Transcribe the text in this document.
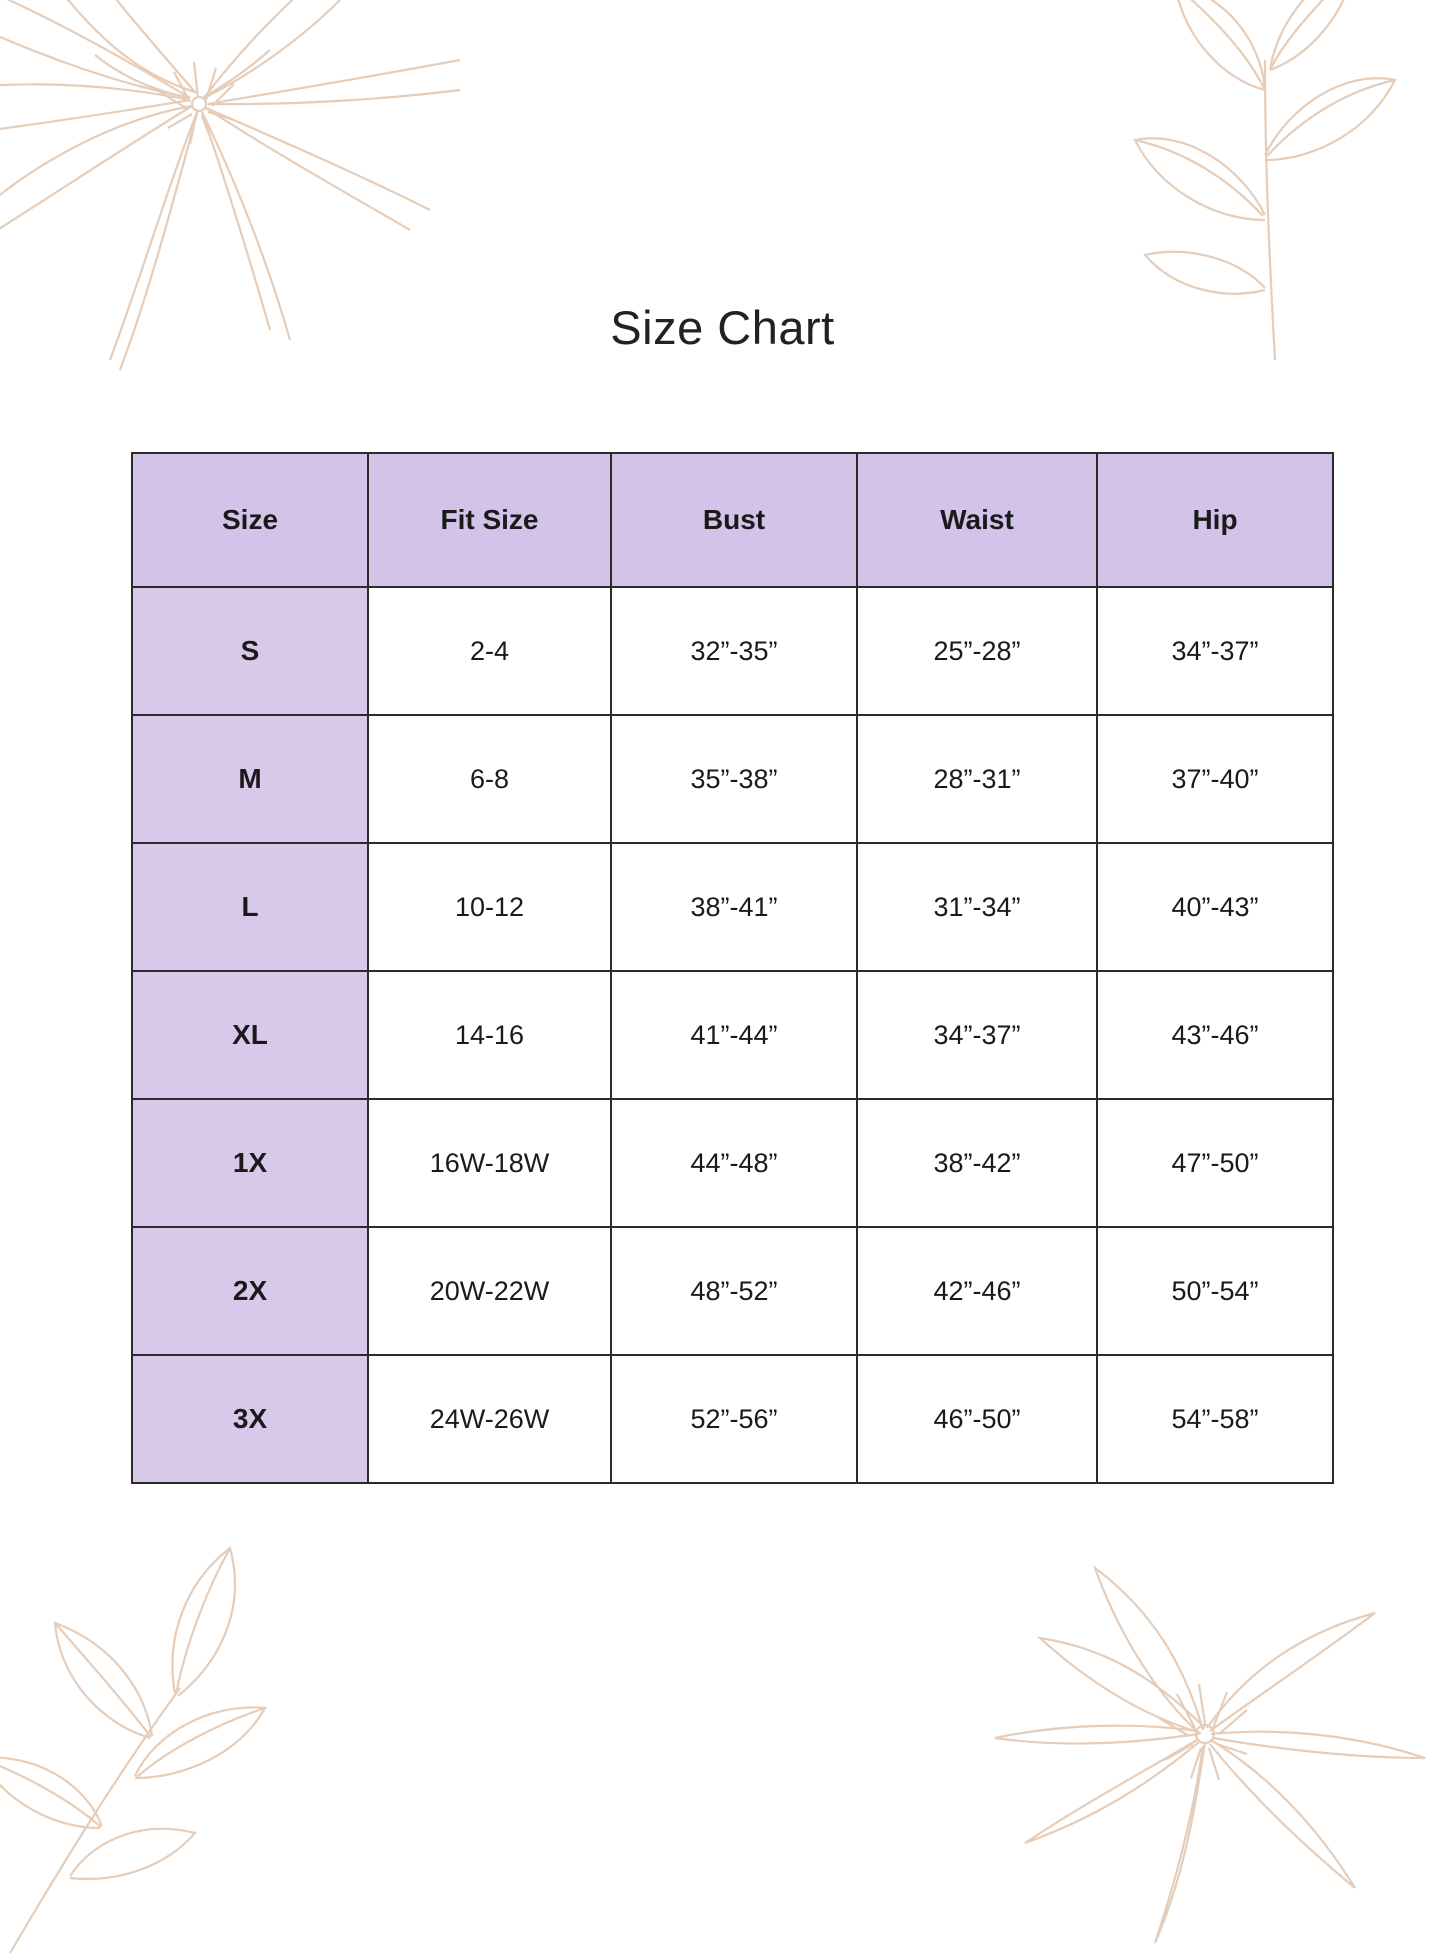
Size Chart
Size	Fit Size	Bust	Waist	Hip
S	2-4	32”-35”	25”-28”	34”-37”
M	6-8	35”-38”	28”-31”	37”-40”
L	10-12	38”-41”	31”-34”	40”-43”
XL	14-16	41”-44”	34”-37”	43”-46”
1X	16W-18W	44”-48”	38”-42”	47”-50”
2X	20W-22W	48”-52”	42”-46”	50”-54”
3X	24W-26W	52”-56”	46”-50”	54”-58”
